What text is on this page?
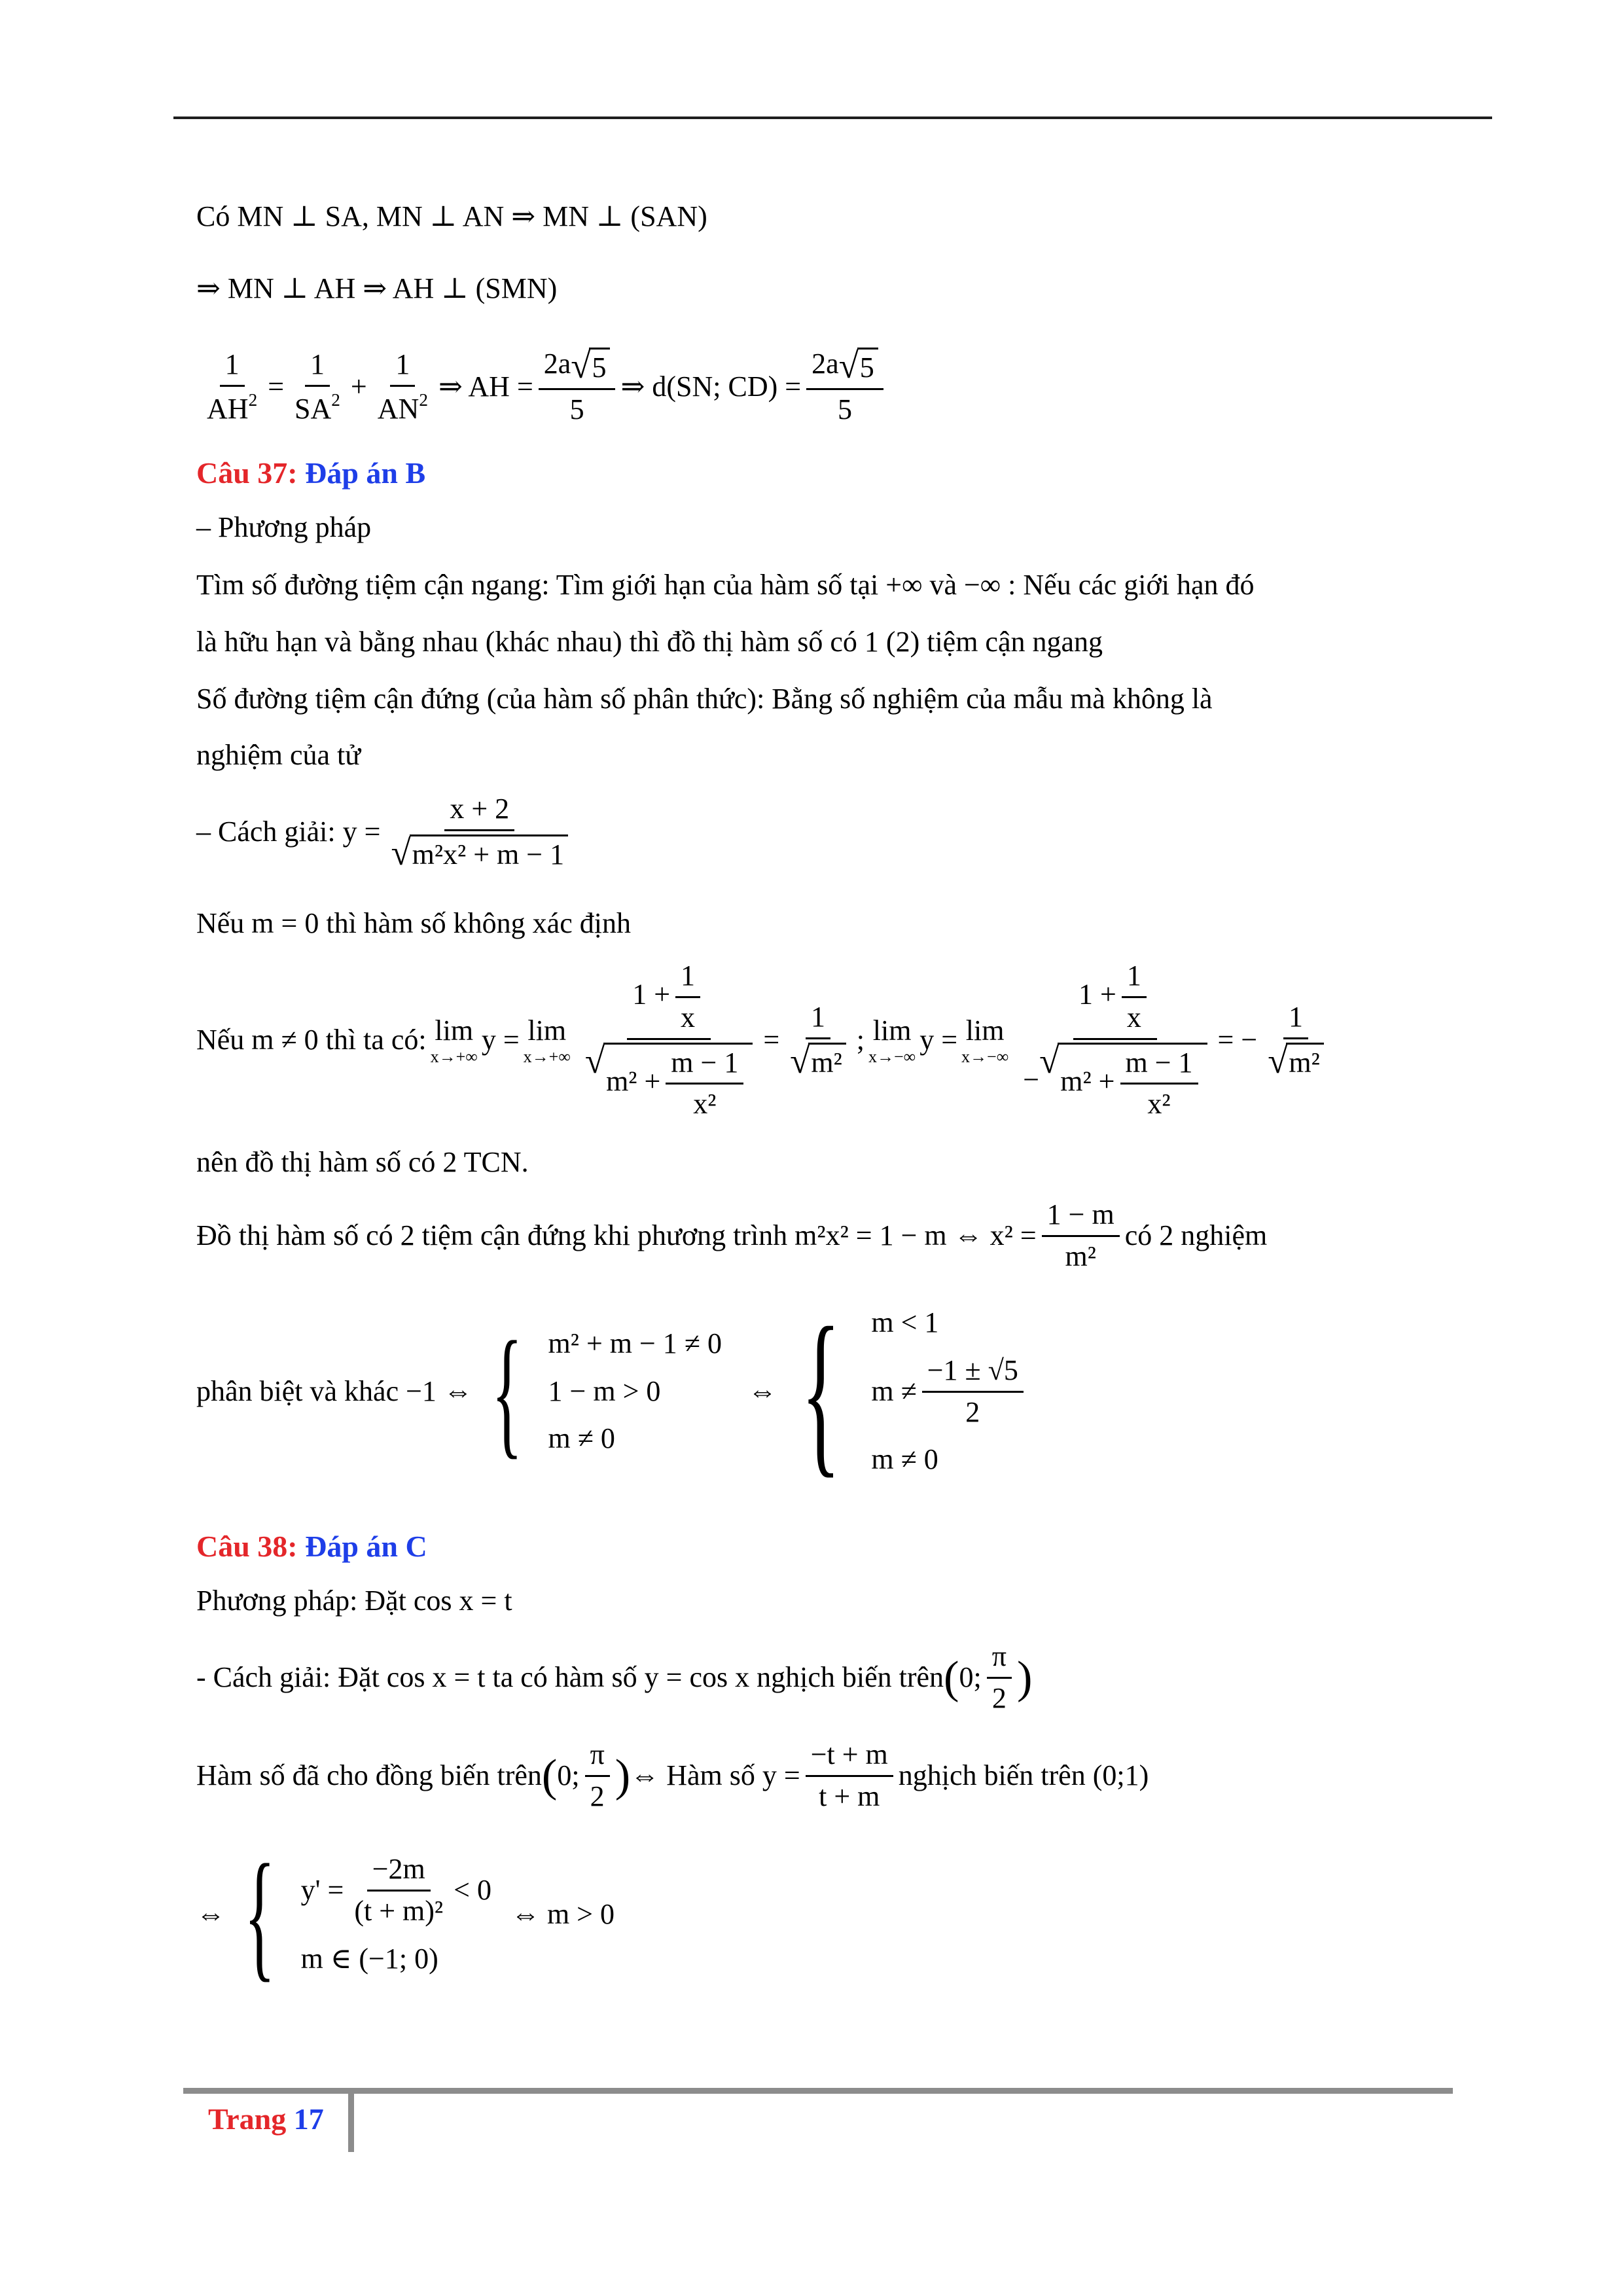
Có MN ⊥ SA, MN ⊥ AN ⇒ MN ⊥ (SAN)
⇒ MN ⊥ AH ⇒ AH ⊥ (SMN)
$\frac{1}{AH^2} = \frac{1}{SA^2} + \frac{1}{AN^2}$ ⇒ AH = $\frac{2a √ 5}{5}$ ⇒ d(SN; $CD) = \frac{2a √ 5}{5}$
Câu 37: Đáp án B
– Phương pháp
Tìm số đường tiệm cận ngang: Tìm giới hạn của hàm số tại +∞ và −∞ : Nếu các giới hạn đó
là hữu hạn và bằng nhau (khác nhau) thì đồ thị hàm số có 1 (2) tiệm cận ngang
Số đường tiệm cận đứng (của hàm số phân thức): Bằng số nghiệm của mẫu mà không là
nghiệm của tử
– Cách giải: $y = \frac{x + 2}{\text{√ m²x² + m − 1}}$
Nếu m = 0 thì hàm số không xác định
Nếu m ≠ 0 thì ta có: lim
x→+∞
y = lim
x→+∞ $1 + \frac{1}{x}$
√
$m^2 + \frac{m - 1}{\text{x²}} = \frac{1}{\text{√ m²}}$ ; lim
x→−∞
y = lim
x→−∞ $1 + \frac{1}{x}$
− √
$m^2 + \frac{m - 1}{\text{x²}}$ = − $\frac{1}{\text{√ m²}}$
nên đồ thị hàm số có 2 TCN.
Đồ thị hàm số có 2 tiệm cận đứng khi phương trình m²x² = 1 − m ⇔ $x^2 = \frac{1 - m}{\text{m²}}$ có 2 nghiệm
phân biệt và khác −1 ⇔ { m² + m − 1 ≠ 0
1 − m > 0
m ≠ 0
⇔ { m < 1
$m \ne \frac{-1 \pm √5}{2}$
m ≠ 0
Câu 38: Đáp án C
Phương pháp: Đặt cos x = t
- Cách giải: Đặt cos x = t ta có hàm số y = cos x nghịch biến trên ( 0; $\frac{\pi}{2}$ )
Hàm số đã cho đồng biến trên ( 0; $\frac{\pi}{2}$ ) ⇔ Hàm số $y = \frac{-t + m}{t + m}$ nghịch biến trên (0;1)
⇔ { $y' = \frac{-2m}{\text{(t + m)²}} < 0$
m ∈ (−1; 0)
⇔ m > 0
Trang 17
